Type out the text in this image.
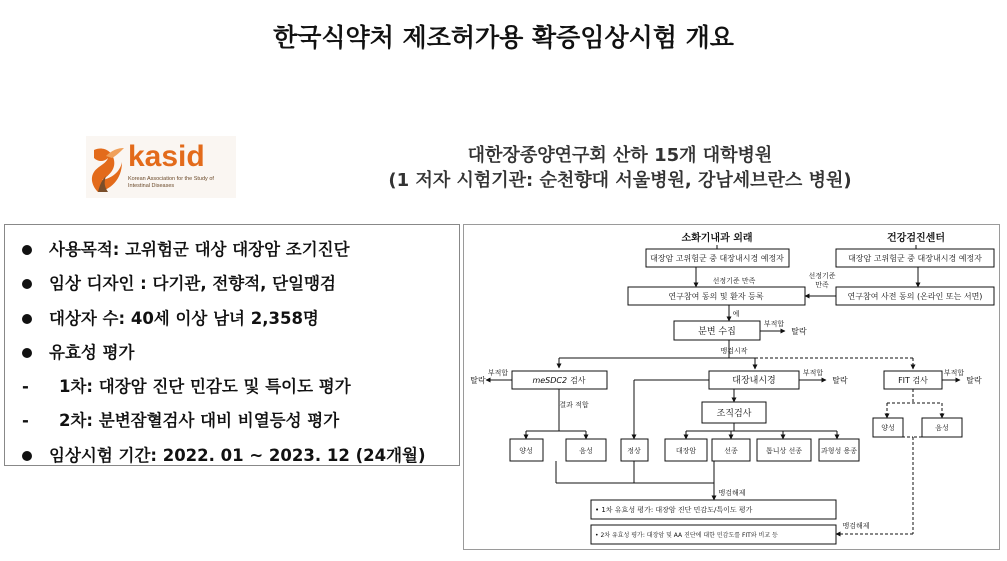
한국식약처 제조허가용 확증임상시험 개요
kasid
Korean Association for the Study of Intestinal Diseases
대한장종양연구회 산하 15개 대학병원
(1 저자 시험기관: 순천향대 서울병원, 강남세브란스 병원)
사용목적: 고위험군 대상 대장암 조기진단
임상 디자인 : 다기관, 전향적, 단일맹검
대상자 수: 40세 이상 남녀 2,358명
유효성 평가
1차: 대장암 진단 민감도 및 특이도 평가
2차: 분변잠혈검사 대비 비열등성 평가
임상시험 기간: 2022. 01 ~ 2023. 12 (24개월)
소화기내과 외래	건강검진센터
대장암 고위험군 중 대장내시경 예정자	대장암 고위험군 중 대장내시경 예정자
선정기준 만족
선정기준
만족
연구참여 동의 및 환자 등록	연구참여 사전 동의 (온라인 또는 서면)
예
분변 수집
부적합
탈락
맹검시작
meSDC2 검사	대장내시경	FIT 검사
부적합
탈락
부적합
탈락
부적합
탈락
결과 적합
조직검사
양성	음성	정상	대장암	선종	톱니상 선종	과형성 용종
양성	음성
맹검해제
맹검해제
• 1차 유효성 평가: 대장암 진단 민감도/특이도 평가
• 2차 유효성 평가: 대장암 및 AA 진단에 대한 민감도를 FIT와 비교 등
